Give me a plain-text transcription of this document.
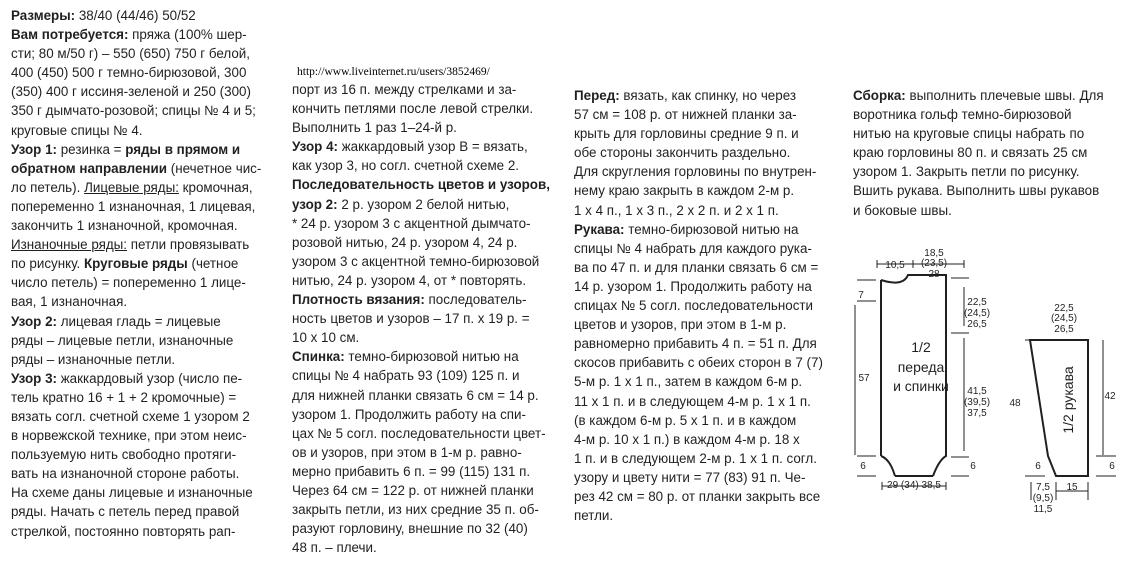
http://www.liveinternet.ru/users/3852469/

Размеры: 38/40 (44/46) 50/52

Вам потребуется: пряжа (100% шер-
сти; 80 м/50 г) – 550 (650) 750 г белой,
400 (450) 500 г темно-бирюзовой, 300
(350) 400 г иссиня-зеленой и 250 (300)
350 г дымчато-розовой; спицы № 4 и 5;
круговые спицы № 4.

Узор 1: резинка = ряды в прямом и
обратном направлении (нечетное чис-
ло петель). Лицевые ряды: кромочная,
попеременно 1 изнаночная, 1 лицевая,
закончить 1 изнаночной, кромочная.
Изнаночные ряды: петли провязывать
по рисунку. Круговые ряды (четное
число петель) = попеременно 1 лице-
вая, 1 изнаночная.

Узор 2: лицевая гладь = лицевые
ряды – лицевые петли, изнаночные
ряды – изнаночные петли.

Узор 3: жаккардовый узор (число пе-
тель кратно 16 + 1 + 2 кромочные) =
вязать согл. счетной схеме 1 узором 2
в норвежской технике, при этом неис-
пользуемую нить свободно протяги-
вать на изнаночной стороне работы.
На схеме даны лицевые и изнаночные
ряды. Начать с петель перед правой
стрелкой, постоянно повторять рап-

порт из 16 п. между стрелками и за-
кончить петлями после левой стрелки.
Выполнить 1 раз 1–24-й р.

Узор 4: жаккардовый узор В = вязать,
как узор 3, но согл. счетной схеме 2.

Последовательность цветов и узоров,
узор 2: 2 р. узором 2 белой нитью,
* 24 р. узором 3 с акцентной дымчато-
розовой нитью, 24 р. узором 4, 24 р.
узором 3 с акцентной темно-бирюзовой
нитью, 24 р. узором 4, от * повторять.

Плотность вязания: последователь-
ность цветов и узоров – 17 п. х 19 р. =
10 х 10 см.

Спинка: темно-бирюзовой нитью на
спицы № 4 набрать 93 (109) 125 п. и
для нижней планки связать 6 см = 14 р.
узором 1. Продолжить работу на спи-
цах № 5 согл. последовательности цвет-
ов и узоров, при этом в 1-м р. равно-
мерно прибавить 6 п. = 99 (115) 131 п.
Через 64 см = 122 р. от нижней планки
закрыть петли, из них средние 35 п. об-
разуют горловину, внешние по 32 (40)
48 п. – плечи.

Перед: вязать, как спинку, но через
57 см = 108 р. от нижней планки за-
крыть для горловины средние 9 п. и
обе стороны закончить раздельно.
Для скругления горловины по внутрен-
нему краю закрыть в каждом 2-м р.
1 х 4 п., 1 х 3 п., 2 х 2 п. и 2 х 1 п.

Рукава: темно-бирюзовой нитью на
спицы № 4 набрать для каждого рука-
ва по 47 п. и для планки связать 6 см =
14 р. узором 1. Продолжить работу на
спицах № 5 согл. последовательности
цветов и узоров, при этом в 1-м р.
равномерно прибавить 4 п. = 51 п. Для
скосов прибавить с обеих сторон в 7 (7)
5-м р. 1 х 1 п., затем в каждом 6-м р.
11 х 1 п. и в следующем 4-м р. 1 х 1 п.
(в каждом 6-м р. 5 х 1 п. и в каждом
4-м р. 10 х 1 п.) в каждом 4-м р. 18 х
1 п. и в следующем 2-м р. 1 х 1 п. согл.
узору и цвету нити = 77 (83) 91 п. Че-
рез 42 см = 80 р. от планки закрыть все
петли.

Сборка: выполнить плечевые швы. Для
воротника гольф темно-бирюзовой
нитью на круговые спицы набрать по
краю горловины 80 п. и связать 25 см
узором 1. Закрыть петли по рисунку.
Вшить рукава. Выполнить швы рукавов
и боковые швы.

1/2
переда
и спинки
10,5
18,5
(23,5)
28
7
57
6
22,5
(24,5)
26,5
41,5
(39,5)
37,5
6
29 (34) 38,5
1/2 рукава
22,5
(24,5)
26,5
48
42
6	6
7,5
(9,5)
11,5
15
